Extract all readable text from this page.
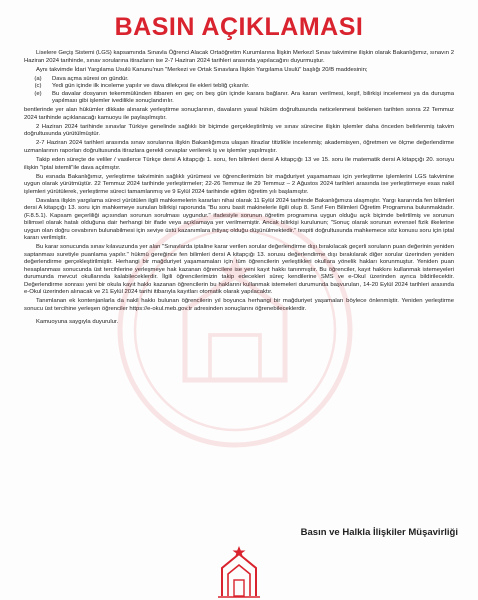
BASIN AÇIKLAMASI

Liselere Geçiş Sistemi (LGS) kapsamında Sınavla Öğrenci Alacak Ortaöğretim Kurumlarına İlişkin Merkezî Sınav takvimine ilişkin olarak Bakanlığımız, sınavın 2 Haziran 2024 tarihinde, sınav sorularına itirazların ise 2-7 Haziran 2024 tarihleri arasında yapılacağını duyurmuştur.

Aynı takvimde İdari Yargılama Usulü Kanunu'nun "Merkezi ve Ortak Sınavlara İlişkin Yargılama Usulü" başlığı 20/B maddesinin;

(a)	Dava açma süresi on gündür.
(c)	Yedi gün içinde ilk inceleme yapılır ve dava dilekçesi ile ekleri tebliğ çıkarılır.
(e)	Bu davalar dosyanın tekemmülünden itibaren en geç on beş gün içinde karara bağlanır. Ara kararı verilmesi, keşif, bilirkişi incelemesi ya da duruşma yapılması gibi işlemler ivedilikle sonuçlandırılır.

bentlerinde yer alan hükümler dikkate alınarak yerleştirme sonuçlarının, davaların yasal hüküm doğrultusunda neticelenmesi beklenen tarihten sonra 22 Temmuz 2024 tarihinde açıklanacağı kamuoyu ile paylaşılmıştır.

2 Haziran 2024 tarihinde sınavlar Türkiye genelinde sağlıklı bir biçimde gerçekleştirilmiş ve sınav sürecine ilişkin işlemler daha önceden belirlenmiş takvim doğrultusunda yürütülmüştür.

2-7 Haziran 2024 tarihleri arasında sınav sorularına ilişkin Bakanlığımıza ulaşan itirazlar titizlikle incelenmiş; akademisyen, öğretmen ve ölçme değerlendirme uzmanlarının raporları doğrultusunda itirazlara gerekli cevaplar verilerek iş ve işlemler yapılmıştır.

Takip eden süreçte de veliler / vasilerce Türkçe dersi A kitapçığı 1. soru, fen bilimleri dersi A kitapçığı 13 ve 15. soru ile matematik dersi A kitapçığı 20. soruyu ilişkin "iptal istemli"ile dava açılmıştır.

Bu esnada Bakanlığımız, yerleştirme takviminin sağlıklı yürümesi ve öğrencilerimizin bir mağduriyet yaşamaması için yerleştirme işlemlerini LGS takvimine uygun olarak yürütmüştür. 22 Temmuz 2024 tarihinde yerleştirmeler; 22-26 Temmuz ile 29 Temmuz – 2 Ağustos 2024 tarihleri arasında ise yerleştirmeye esas nakil işlemleri yürütülerek, yerleştirme süreci tamamlanmış ve 9 Eylül 2024 tarihinde eğitim öğretim yılı başlamıştır.

Davalara ilişkin yargılama süreci yürütülen ilgili mahkemelerin kararları nihai olarak 11 Eylül 2024 tarihinde Bakanlığımıza ulaşmıştır. Yargı kararında fen bilimleri dersi A kitapçığı 13. soru için mahkemeye sunulan bilirkişi raporunda "Bu soru basit makinelerle ilgili olup 8. Sınıf Fen Bilimleri Öğretim Programına bulunmaktadır. (F.8.5.1). Kapsam geçerliliği açısından sorunun sorulması uygundur." ifadesiyle sorunun öğretim programına uygun olduğu açık biçimde belirtilmiş ve sorunun bilimsel olarak hatalı olduğuna dair herhangi bir ifade veya açıklamaya yer verilmemiştir. Ancak bilirkişi kurulunun; "Sonuç olarak sorunun evrensel fizik ilkelerine uygun olan doğru cevabının bulunabilmesi için seviye üstü kazanımlara ihtiyaç olduğu düşünülmektedir." tespiti doğrultusunda mahkemece söz konusu soru için iptal kararı verilmiştir.

Bu karar sonucunda sınav kılavuzunda yer alan "Sınavlarda iptaline karar verilen sorular değerlendirme dışı bırakılacak geçerli soruların puan değerinin yeniden saptanması suretiyle puanlama yapılır." hükmü gereğince fen bilimleri dersi A kitapçığı 13. sorusu değerlendirme dışı bırakılarak diğer sorular üzerinden yeniden değerlendirme gerçekleştirilmiştir. Herhangi bir mağduriyet yaşamamaları için tüm öğrencilerin yerleştikleri okullara yönelik hakları korunmuştur. Yeniden puan hesaplanması sonucunda üst tercihlerine yerleşmeye hak kazanan öğrencilere ise yeni kayıt hakkı tanınmıştır. Bu öğrenciler, kayıt hakkını kullanmak istemeyeleri durumunda mevcut okullarında kalabileceklerdir. İlgili öğrencilerimizin takip edecekleri süreç kendilerine SMS ve e-Okul üzerinden ayrıca bildirilecektir. Değerlendirme sonrası yeni bir okula kayıt hakkı kazanan öğrencilerin bu haklarını kullanmak istemeleri durumunda başvuruları, 14-20 Eylül 2024 tarihleri arasında e-Okul üzerinden alınacak ve 21 Eylül 2024 tarihi itibarıyla kayıtları otomatik olarak yapılacaktır.

Tanımlanan ek kontenjanlarla da nakil hakkı bulunan öğrencilerin yıl boyunca herhangi bir mağduriyet yaşamaları böylece önlenmiştir. Yeniden yerleştirme sonucu üst tercihine yerleşen öğrenciler https://e-okul.meb.gov.tr adresinden sonuçlarını öğrenebileceklerdir.

Kamuoyuna saygıyla duyurulur.

Basın ve Halkla İlişkiler Müşavirliği
